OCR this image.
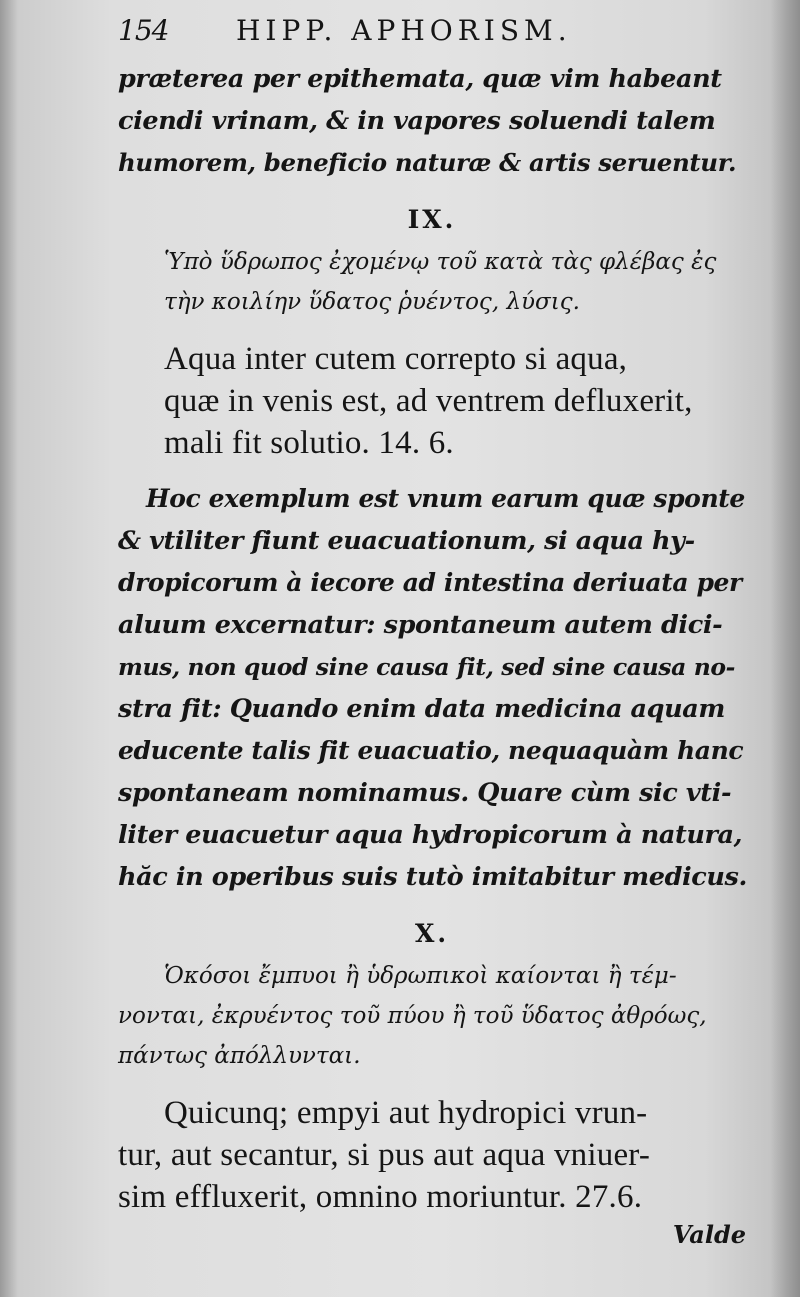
154	HIPP. APHORISM.

præterea per epithemata, quæ vim habeant

ciendi vrinam, & in vapores soluendi talem

humorem, beneficio naturæ & artis seruentur.

IX.

Ὑπὸ ὕδρωπος ἐχομένῳ τοῦ κατὰ τὰς φλέβας ἐς

τὴν κοιλίην ὕδατος ῥυέντος, λύσις.

Aqua inter cutem correpto si aqua,

quæ in venis est, ad ventrem defluxerit,

mali fit solutio. 14. 6.

Hoc exemplum est vnum earum quæ sponte

& vtiliter fiunt euacuationum, si aqua hy-

dropicorum à iecore ad intestina deriuata per

aluum excernatur: spontaneum autem dici-

mus, non quod sine causa fit, sed sine causa no-

stra fit: Quando enim data medicina aquam

educente talis fit euacuatio, nequaquàm hanc

spontaneam nominamus. Quare cùm sic vti-

liter euacuetur aqua hydropicorum à natura,

hăc in operibus suis tutò imitabitur medicus.

X.

Ὁκόσοι ἔμπυοι ἢ ὑδρωπικοὶ καίονται ἢ τέμ-

νονται, ἐκρυέντος τοῦ πύου ἢ τοῦ ὕδατος ἀθρόως,

πάντως ἀπόλλυνται.

Quicunq; empyi aut hydropici vrun-

tur, aut secantur, si pus aut aqua vniuer-

sim effluxerit, omnino moriuntur. 27.6.

Valde
